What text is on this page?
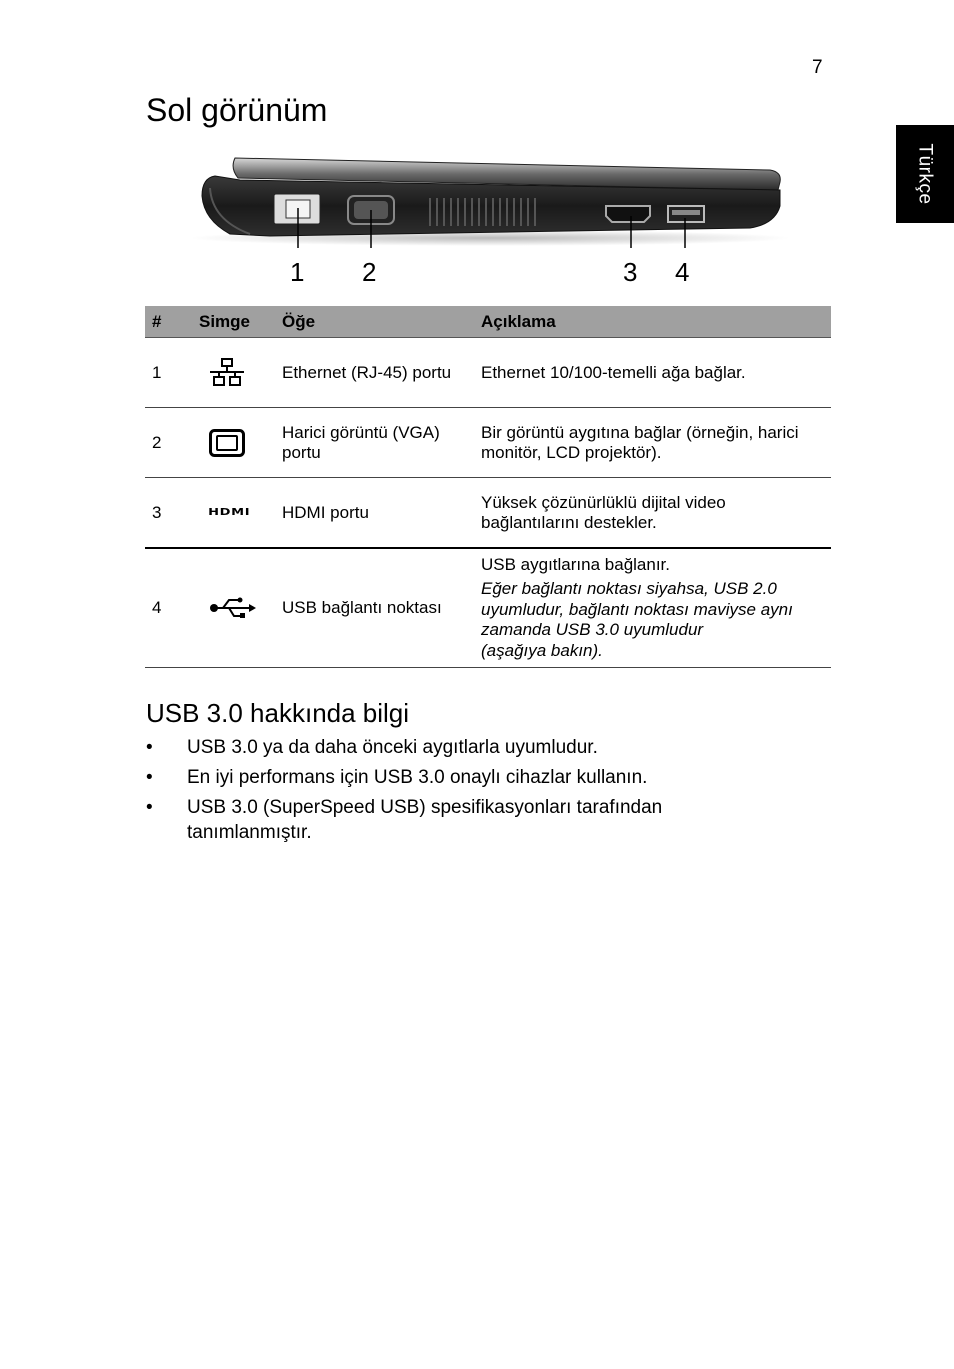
7
Türkçe
Sol görünüm
1 2	3 4
#	Simge	Öğe	Açıklama
1		Ethernet (RJ-45) portu	Ethernet 10/100-temelli ağa bağlar.

2		Harici görüntü (VGA)
portu	Bir görüntü aygıtına bağlar (örneğin, harici
monitör, LCD projektör).

3	HDMI	HDMI portu	Yüksek çözünürlüklü dijital video
bağlantılarını destekler.

4		USB bağlantı noktası	USB aygıtlarına bağlanır.
Eğer bağlantı noktası siyahsa, USB 2.0
uyumludur, bağlantı noktası maviyse aynı
zamanda USB 3.0 uyumludur
(aşağıya bakın).
USB 3.0 hakkında bilgi
• USB 3.0 ya da daha önceki aygıtlarla uyumludur.
• En iyi performans için USB 3.0 onaylı cihazlar kullanın.
• USB 3.0 (SuperSpeed USB) spesifikasyonları tarafından
tanımlanmıştır.
